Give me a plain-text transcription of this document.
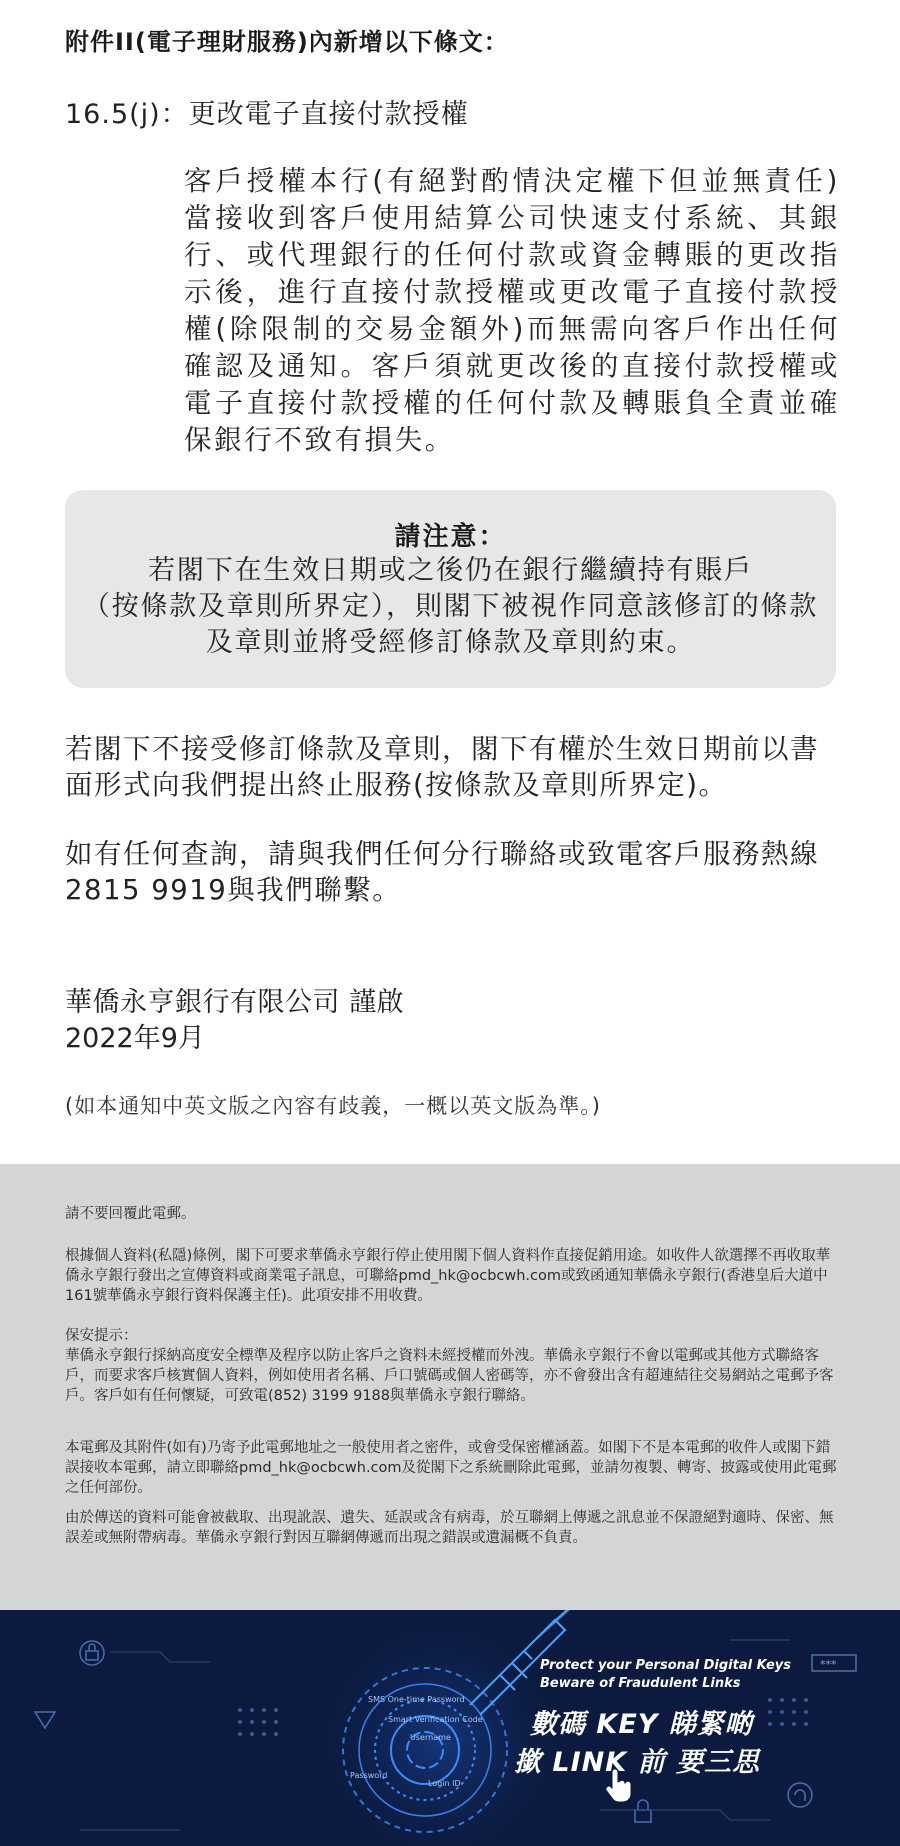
附件II(電子理財服務)內新增以下條文：
16.5(j)：更改電子直接付款授權
客戶授權本行(有絕對酌情決定權下但並無責任)當接收到客戶使用結算公司快速支付系統、其銀行、或代理銀行的任何付款或資金轉賬的更改指示後，進行直接付款授權或更改電子直接付款授權(除限制的交易金額外)而無需向客戶作出任何確認及通知。客戶須就更改後的直接付款授權或電子直接付款授權的任何付款及轉賬負全責並確保銀行不致有損失。
請注意：
若閣下在生效日期或之後仍在銀行繼續持有賬戶
（按條款及章則所界定），則閣下被視作同意該修訂的條款
及章則並將受經修訂條款及章則約束。
若閣下不接受修訂條款及章則，閣下有權於生效日期前以書面形式向我們提出終止服務(按條款及章則所界定)。
如有任何查詢，請與我們任何分行聯絡或致電客戶服務熱線2815 9919與我們聯繫。
華僑永亨銀行有限公司 謹啟
2022年9月
(如本通知中英文版之內容有歧義，一概以英文版為準。)
請不要回覆此電郵。
根據個人資料(私隱)條例，閣下可要求華僑永亨銀行停止使用閣下個人資料作直接促銷用途。如收件人欲選擇不再收取華僑永亨銀行發出之宣傳資料或商業電子訊息，可聯絡pmd_hk@ocbcwh.com或致函通知華僑永亨銀行(香港皇后大道中161號華僑永亨銀行資料保護主任)。此項安排不用收費。
保安提示：
華僑永亨銀行採納高度安全標準及程序以防止客戶之資料未經授權而外洩。華僑永亨銀行不會以電郵或其他方式聯絡客戶，而要求客戶核實個人資料，例如使用者名稱、戶口號碼或個人密碼等，亦不會發出含有超連結往交易網站之電郵予客戶。客戶如有任何懷疑，可致電(852) 3199 9188與華僑永亨銀行聯絡。
本電郵及其附件(如有)乃寄予此電郵地址之一般使用者之密件，或會受保密權涵蓋。如閣下不是本電郵的收件人或閣下錯誤接收本電郵，請立即聯絡pmd_hk@ocbcwh.com及從閣下之系統刪除此電郵，並請勿複製、轉寄、披露或使用此電郵之任何部份。
由於傳送的資料可能會被截取、出現訛誤、遺失、延誤或含有病毒，於互聯網上傳遞之訊息並不保證絕對適時、保密、無誤差或無附帶病毒。華僑永亨銀行對因互聯網傳遞而出現之錯誤或遺漏概不負責。
SMS One-time Password
Smart Verification Code
Username
Password
Login ID
***
Protect your Personal Digital Keys
Beware of Fraudulent Links
數碼 KEY 睇緊啲
撳 LINK 前 要三思
